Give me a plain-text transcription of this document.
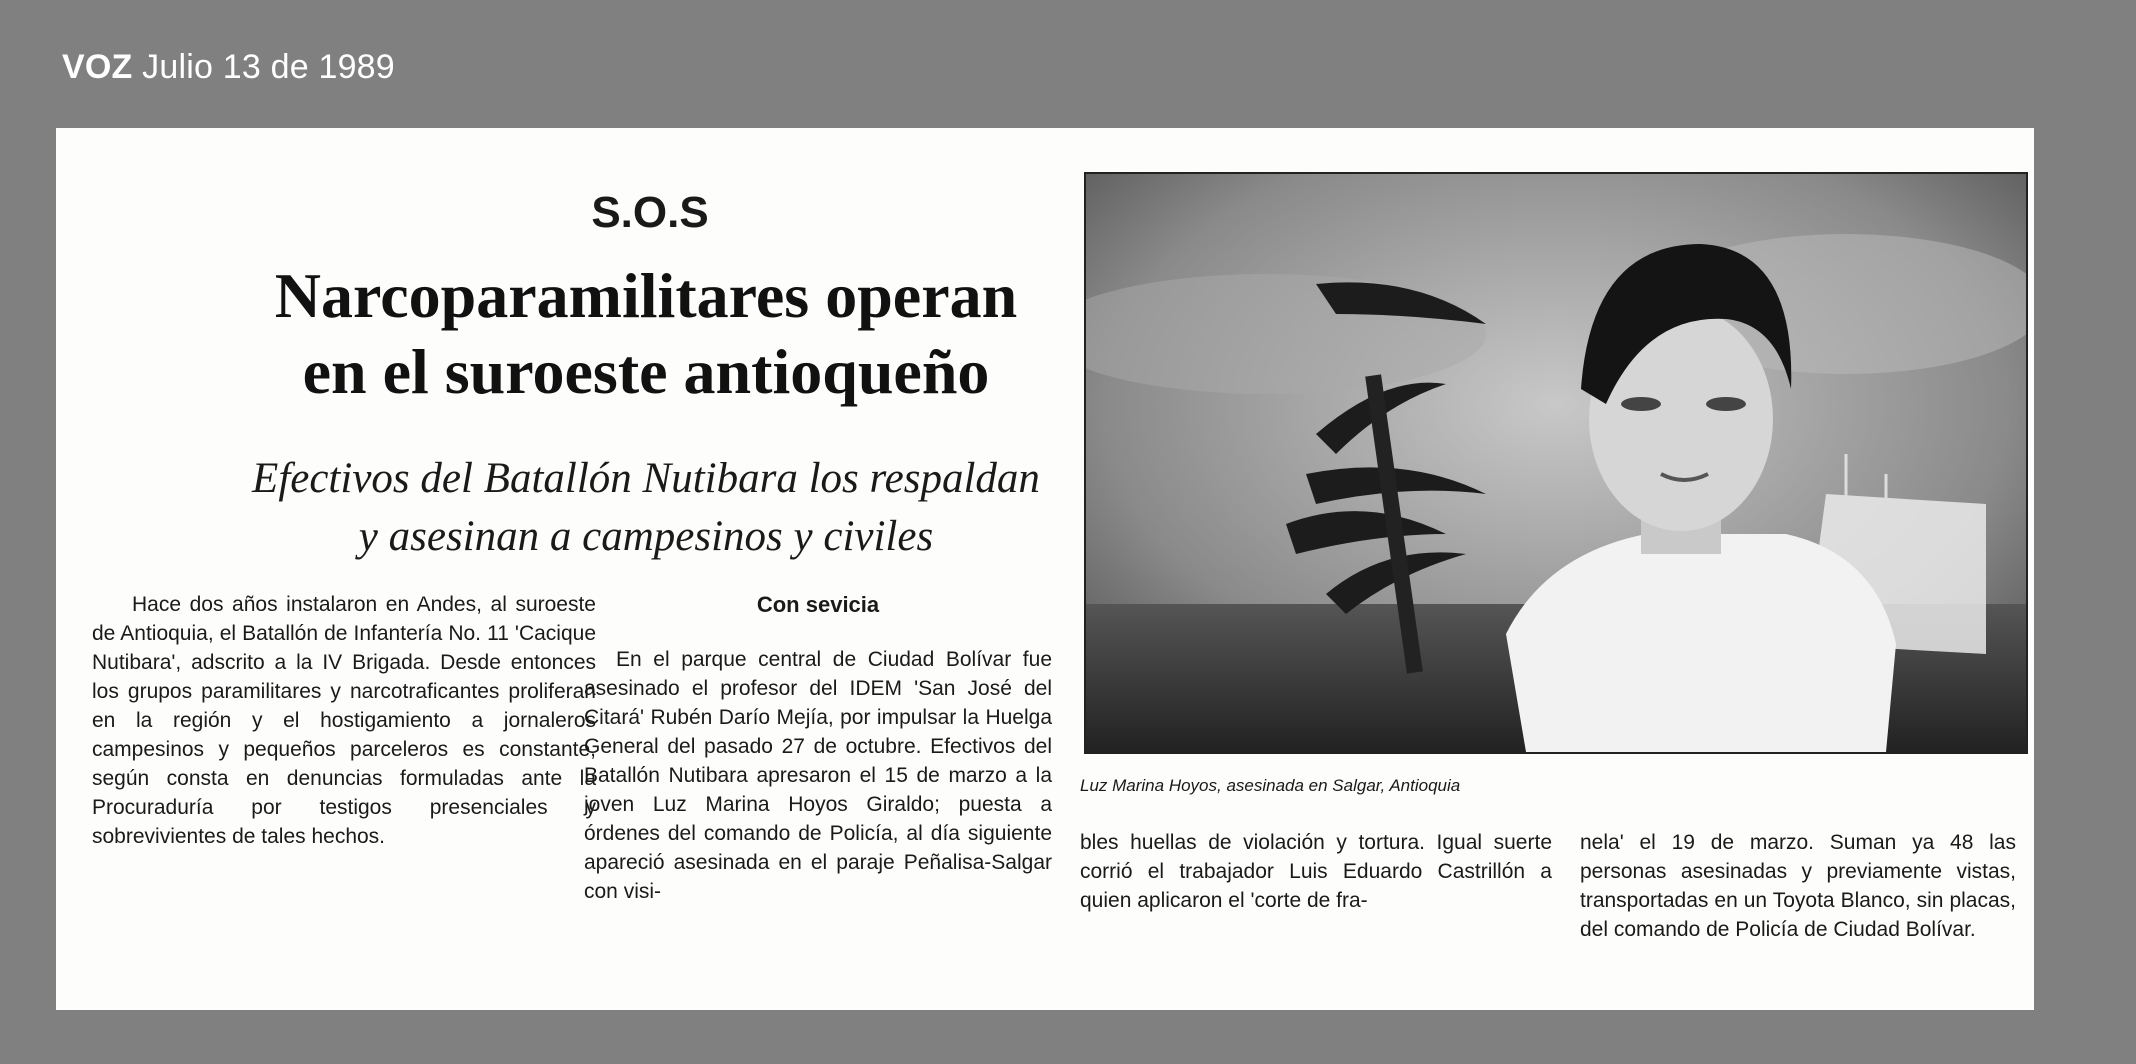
VOZ Julio 13 de 1989
S.O.S
Narcoparamilitares operan
en el suroeste antioqueño
Efectivos del Batallón Nutibara los respaldan
y asesinan a campesinos y civiles

Hace dos años instalaron en Andes, al suroeste de Antioquia, el Batallón de Infantería No. 11 'Cacique Nutibara', adscrito a la IV Brigada. Desde entonces los grupos paramilitares y narcotraficantes proliferan en la región y el hostigamiento a jornaleros campesinos y pequeños parceleros es constante, según consta en denuncias formuladas ante la Procuraduría por testigos presenciales y sobrevivientes de tales hechos.

Con sevicia

En el parque central de Ciudad Bolívar fue asesinado el profesor del IDEM 'San José del Citará' Rubén Darío Mejía, por impulsar la Huelga General del pasado 27 de octubre. Efectivos del Batallón Nutibara apresaron el 15 de marzo a la joven Luz Marina Hoyos Giraldo; puesta a órdenes del comando de Policía, al día siguiente apareció asesinada en el paraje Peñalisa-Salgar con visi-

Luz Marina Hoyos, asesinada en Salgar, Antioquia

bles huellas de violación y tortura. Igual suerte corrió el trabajador Luis Eduardo Castrillón a quien aplicaron el 'corte de fra-

nela' el 19 de marzo. Suman ya 48 las personas asesinadas y previamente vistas, transportadas en un Toyota Blanco, sin placas, del comando de Policía de Ciudad Bolívar.
